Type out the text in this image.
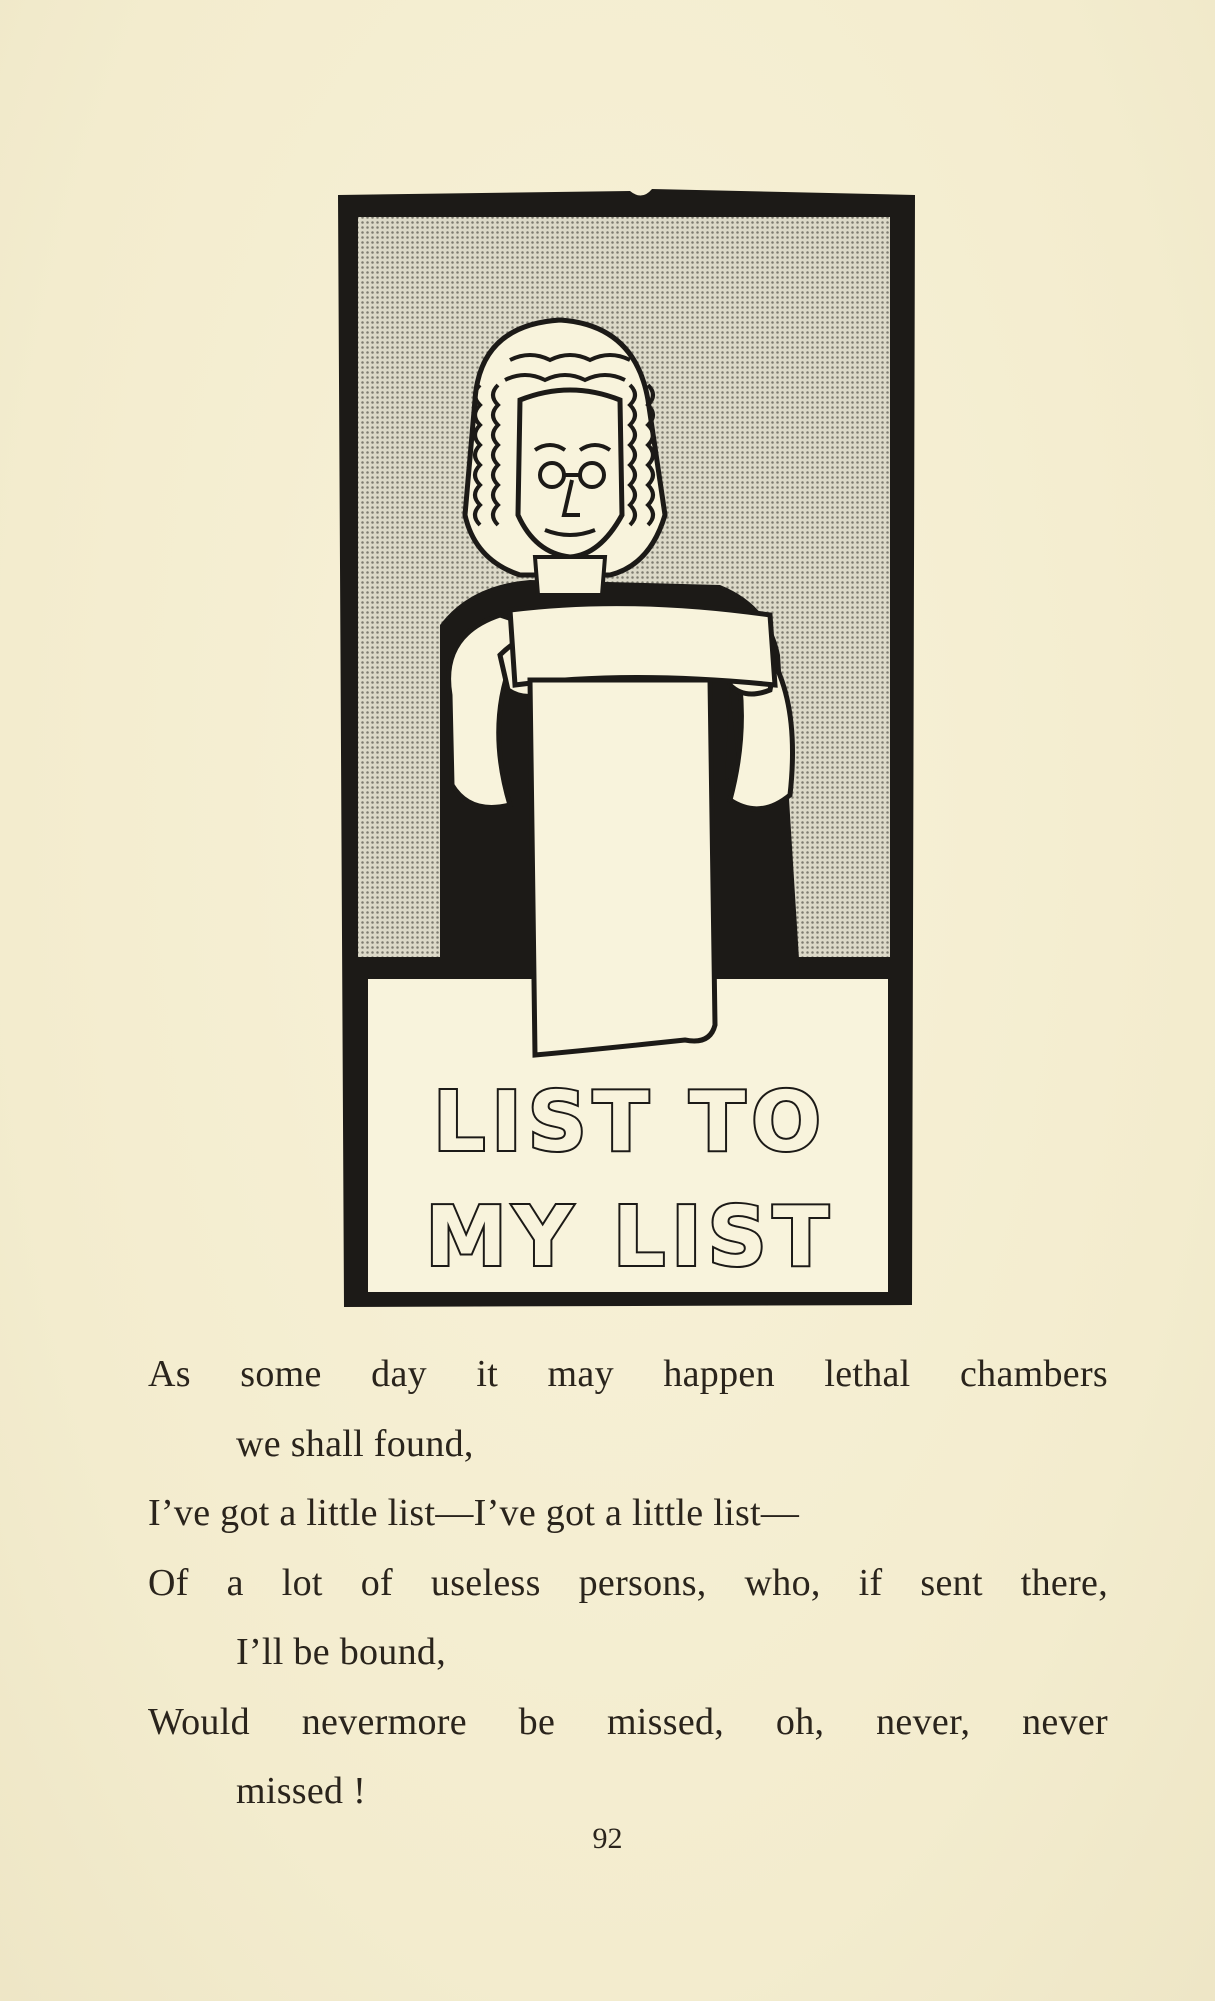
LIST TO
MY LIST
As some day it may happen lethal chambers
we shall found,
I’ve got a little list—I’ve got a little list—
Of a lot of useless persons, who, if sent there,
I’ll be bound,
Would nevermore be missed, oh, never, never
missed !
92
